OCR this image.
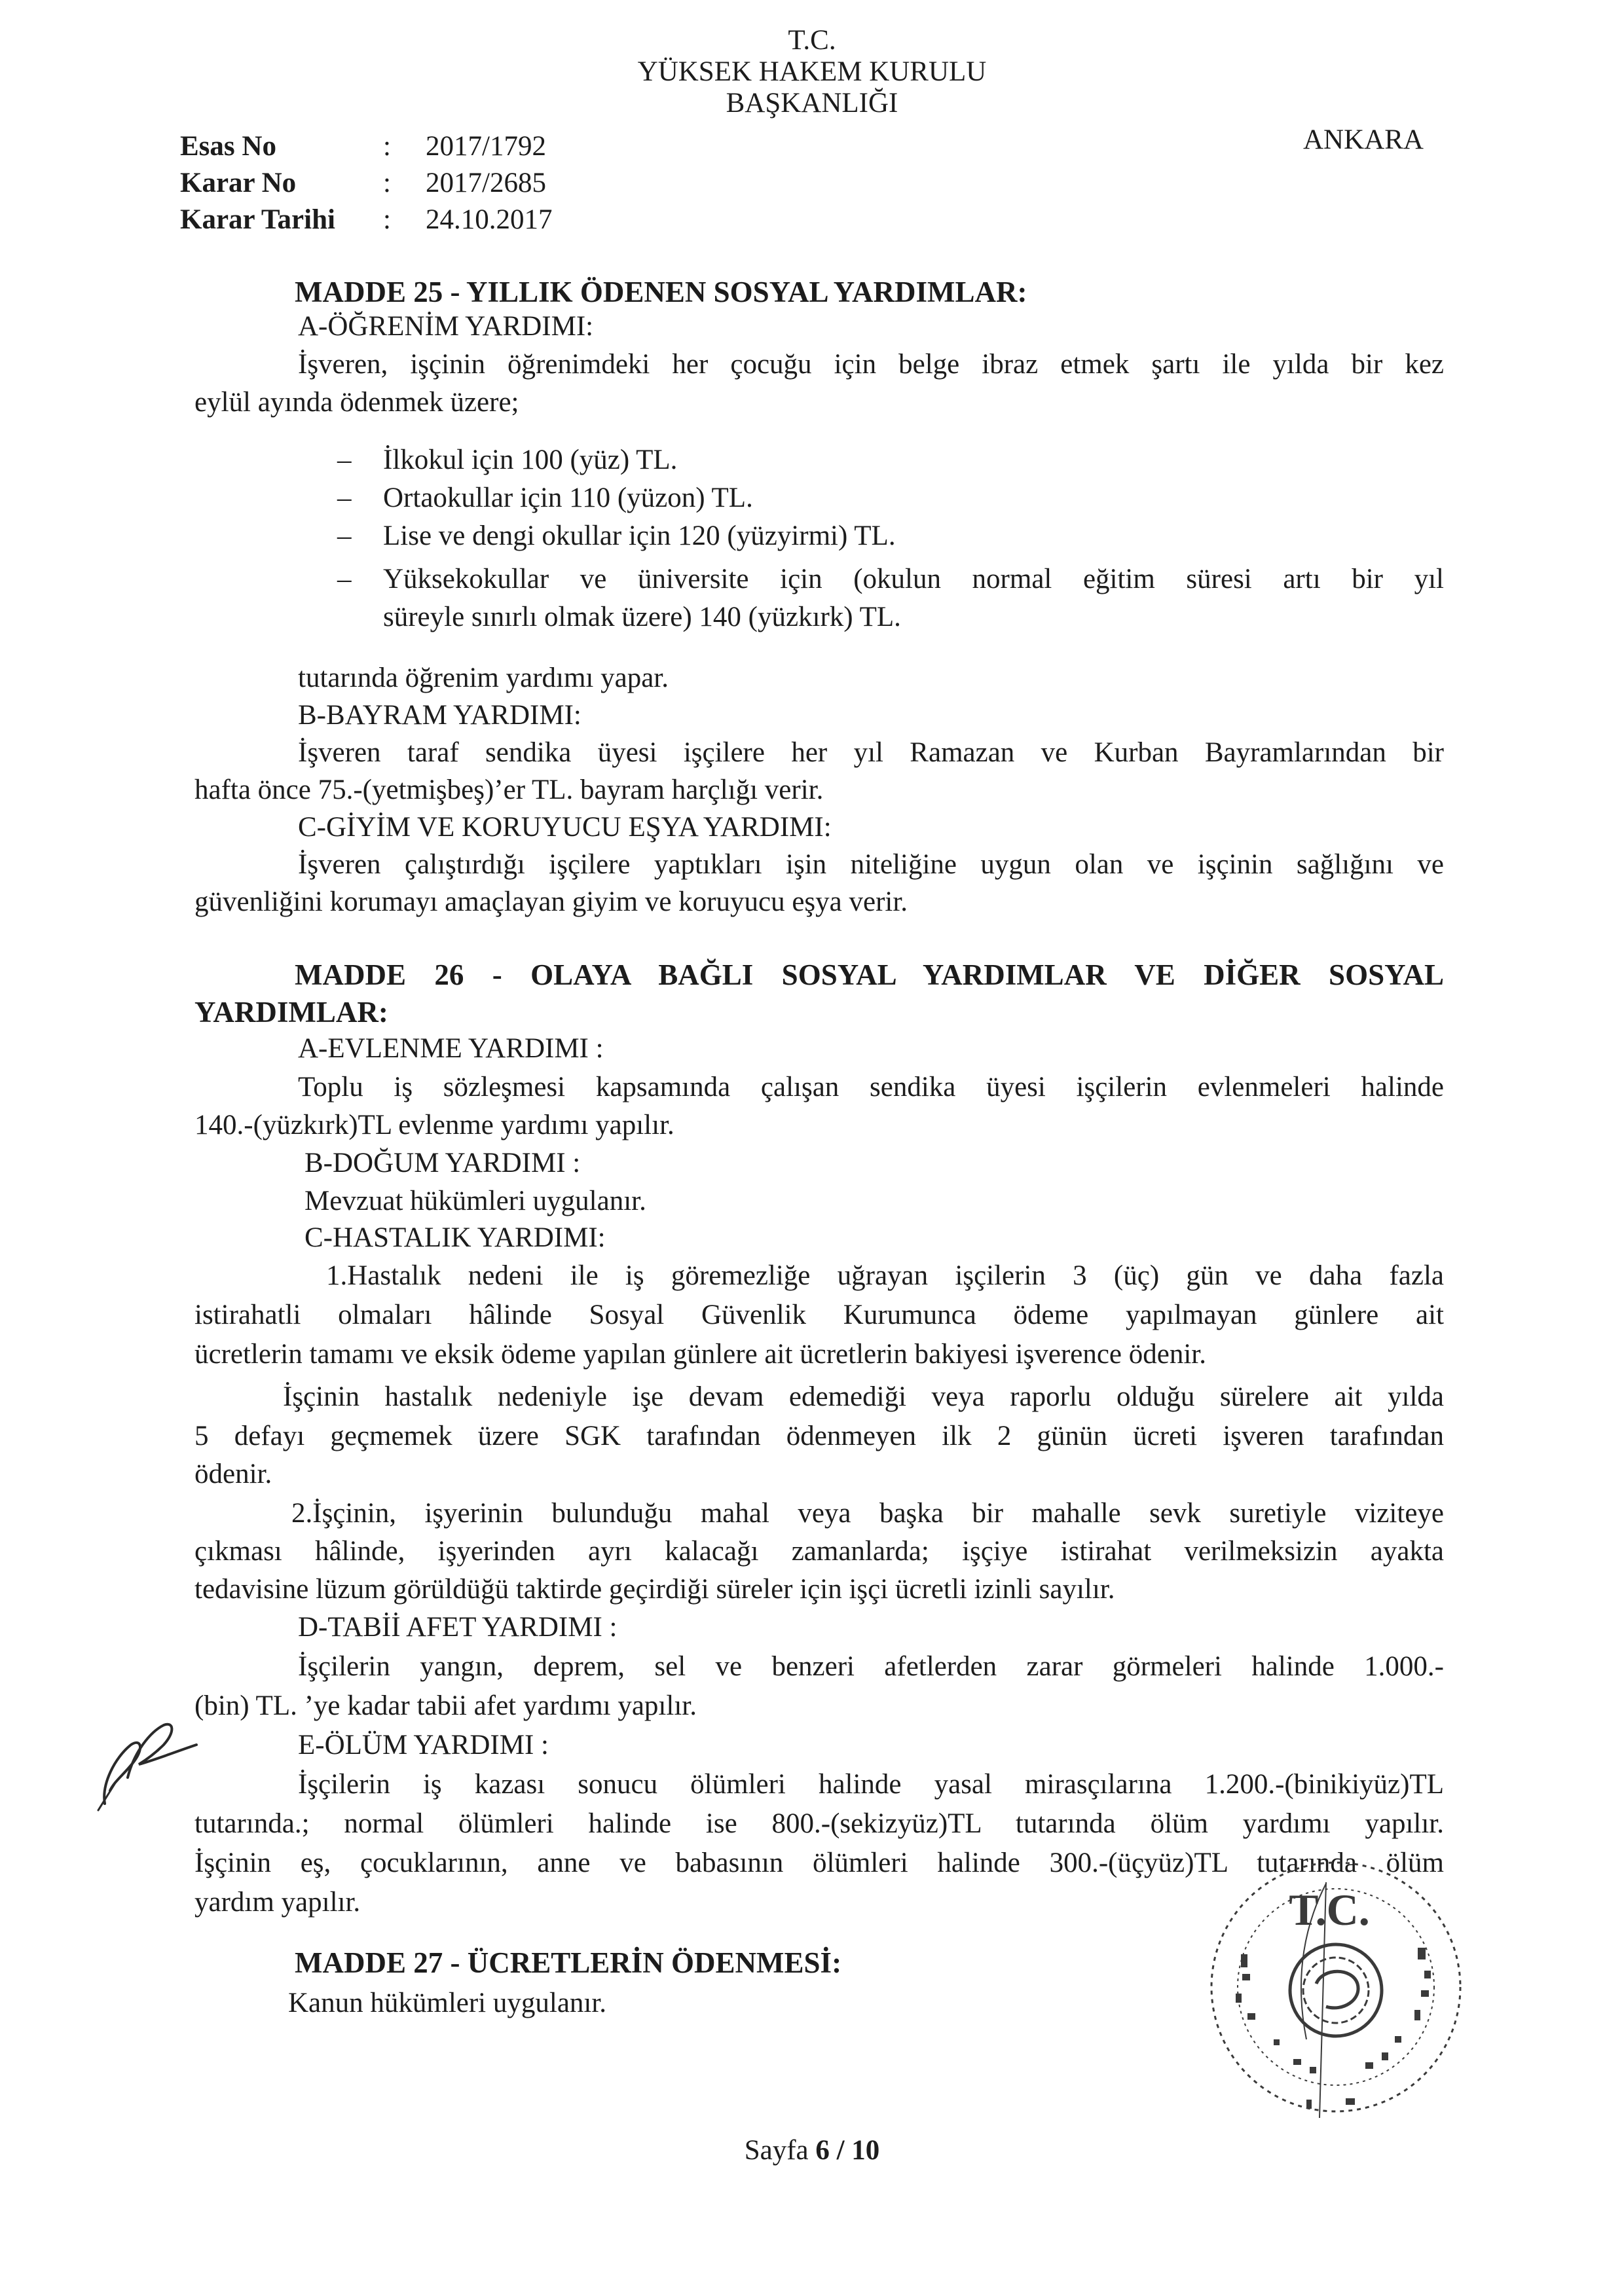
T.C.
YÜKSEK HAKEM KURULU
BAŞKANLIĞI
ANKARA
Esas No	: 2017/1792
Karar No	: 2017/2685
Karar Tarihi : 24.10.2017
MADDE 25 - YILLIK ÖDENEN SOSYAL YARDIMLAR:
A-ÖĞRENİM YARDIMI:
İşveren, işçinin öğrenimdeki her çocuğu için belge ibraz etmek şartı ile yılda bir kez
eylül ayında ödenmek üzere;
– İlkokul için 100 (yüz) TL.
– Ortaokullar için 110 (yüzon) TL.
– Lise ve dengi okullar için 120 (yüzyirmi) TL.
– Yüksekokullar ve üniversite için (okulun normal eğitim süresi artı bir yıl
süreyle sınırlı olmak üzere) 140 (yüzkırk) TL.
tutarında öğrenim yardımı yapar.
B-BAYRAM YARDIMI:
İşveren taraf sendika üyesi işçilere her yıl Ramazan ve Kurban Bayramlarından bir
hafta önce 75.-(yetmişbeş)’er TL. bayram harçlığı verir.
C-GİYİM VE KORUYUCU EŞYA YARDIMI:
İşveren çalıştırdığı işçilere yaptıkları işin niteliğine uygun olan ve işçinin sağlığını ve
güvenliğini korumayı amaçlayan giyim ve koruyucu eşya verir.
MADDE 26 - OLAYA BAĞLI SOSYAL YARDIMLAR VE DİĞER SOSYAL
YARDIMLAR:
A-EVLENME YARDIMI :
Toplu iş sözleşmesi kapsamında çalışan sendika üyesi işçilerin evlenmeleri halinde
140.-(yüzkırk)TL evlenme yardımı yapılır.
B-DOĞUM YARDIMI :
Mevzuat hükümleri uygulanır.
C-HASTALIK YARDIMI:
1.Hastalık nedeni ile iş göremezliğe uğrayan işçilerin 3 (üç) gün ve daha fazla
istirahatli olmaları hâlinde Sosyal Güvenlik Kurumunca ödeme yapılmayan günlere ait
ücretlerin tamamı ve eksik ödeme yapılan günlere ait ücretlerin bakiyesi işverence ödenir.
İşçinin hastalık nedeniyle işe devam edemediği veya raporlu olduğu sürelere ait yılda
5 defayı geçmemek üzere SGK tarafından ödenmeyen ilk 2 günün ücreti işveren tarafından
ödenir.
2.İşçinin, işyerinin bulunduğu mahal veya başka bir mahalle sevk suretiyle viziteye
çıkması hâlinde, işyerinden ayrı kalacağı zamanlarda; işçiye istirahat verilmeksizin ayakta
tedavisine lüzum görüldüğü taktirde geçirdiği süreler için işçi ücretli izinli sayılır.
D-TABİİ AFET YARDIMI :
İşçilerin yangın, deprem, sel ve benzeri afetlerden zarar görmeleri halinde 1.000.-
(bin) TL. ’ye kadar tabii afet yardımı yapılır.
E-ÖLÜM YARDIMI :
İşçilerin iş kazası sonucu ölümleri halinde yasal mirasçılarına 1.200.-(binikiyüz)TL
tutarında.; normal ölümleri halinde ise 800.-(sekizyüz)TL tutarında ölüm yardımı yapılır.
İşçinin eş, çocuklarının, anne ve babasının ölümleri halinde 300.-(üçyüz)TL tutarında ölüm
yardım yapılır.
MADDE 27 - ÜCRETLERİN ÖDENMESİ:
Kanun hükümleri uygulanır.
T.C.
Sayfa 6 / 10
